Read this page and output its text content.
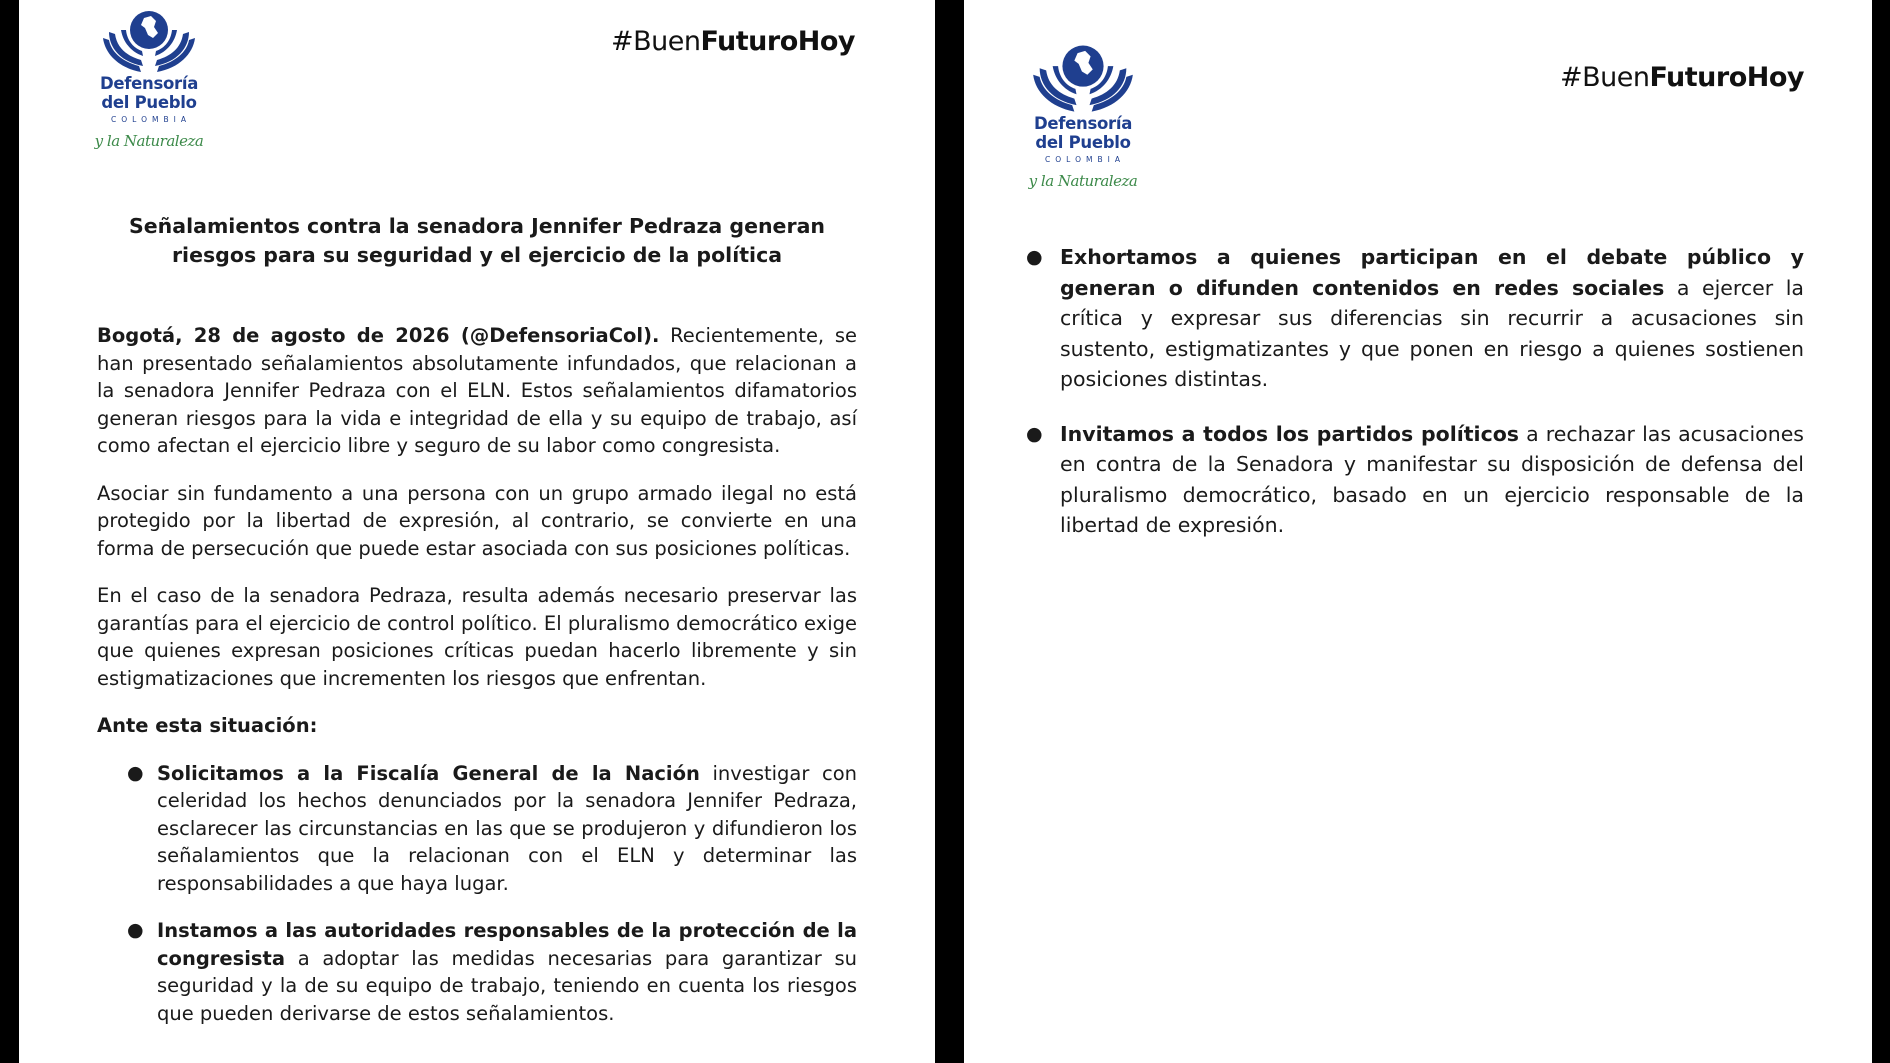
Defensoría
del Pueblo
COLOMBIA
y la Naturaleza
#BuenFuturoHoy
Señalamientos contra la senadora Jennifer Pedraza generan riesgos para su seguridad y el ejercicio de la política

Bogotá, 28 de agosto de 2026 (@DefensoriaCol). Recientemente, se han presentado señalamientos absolutamente infundados, que relacionan a la senadora Jennifer Pedraza con el ELN. Estos señalamientos difamatorios generan riesgos para la vida e integridad de ella y su equipo de trabajo, así como afectan el ejercicio libre y seguro de su labor como congresista.

Asociar sin fundamento a una persona con un grupo armado ilegal no está protegido por la libertad de expresión, al contrario, se convierte en una forma de persecución que puede estar asociada con sus posiciones políticas.

En el caso de la senadora Pedraza, resulta además necesario preservar las garantías para el ejercicio de control político. El pluralismo democrático exige que quienes expresan posiciones críticas puedan hacerlo libremente y sin estigmatizaciones que incrementen los riesgos que enfrentan.

Ante esta situación:

● Solicitamos a la Fiscalía General de la Nación investigar con celeridad los hechos denunciados por la senadora Jennifer Pedraza, esclarecer las circunstancias en las que se produjeron y difundieron los señalamientos que la relacionan con el ELN y determinar las responsabilidades a que haya lugar.
● Instamos a las autoridades responsables de la protección de la congresista a adoptar las medidas necesarias para garantizar su seguridad y la de su equipo de trabajo, teniendo en cuenta los riesgos que pueden derivarse de estos señalamientos.
Defensoría
del Pueblo
COLOMBIA
y la Naturaleza
#BuenFuturoHoy
● Exhortamos a quienes participan en el debate público y generan o difunden contenidos en redes sociales a ejercer la crítica y expresar sus diferencias sin recurrir a acusaciones sin sustento, estigmatizantes y que ponen en riesgo a quienes sostienen posiciones distintas.
● Invitamos a todos los partidos políticos a rechazar las acusaciones en contra de la Senadora y manifestar su disposición de defensa del pluralismo democrático, basado en un ejercicio responsable de la libertad de expresión.
